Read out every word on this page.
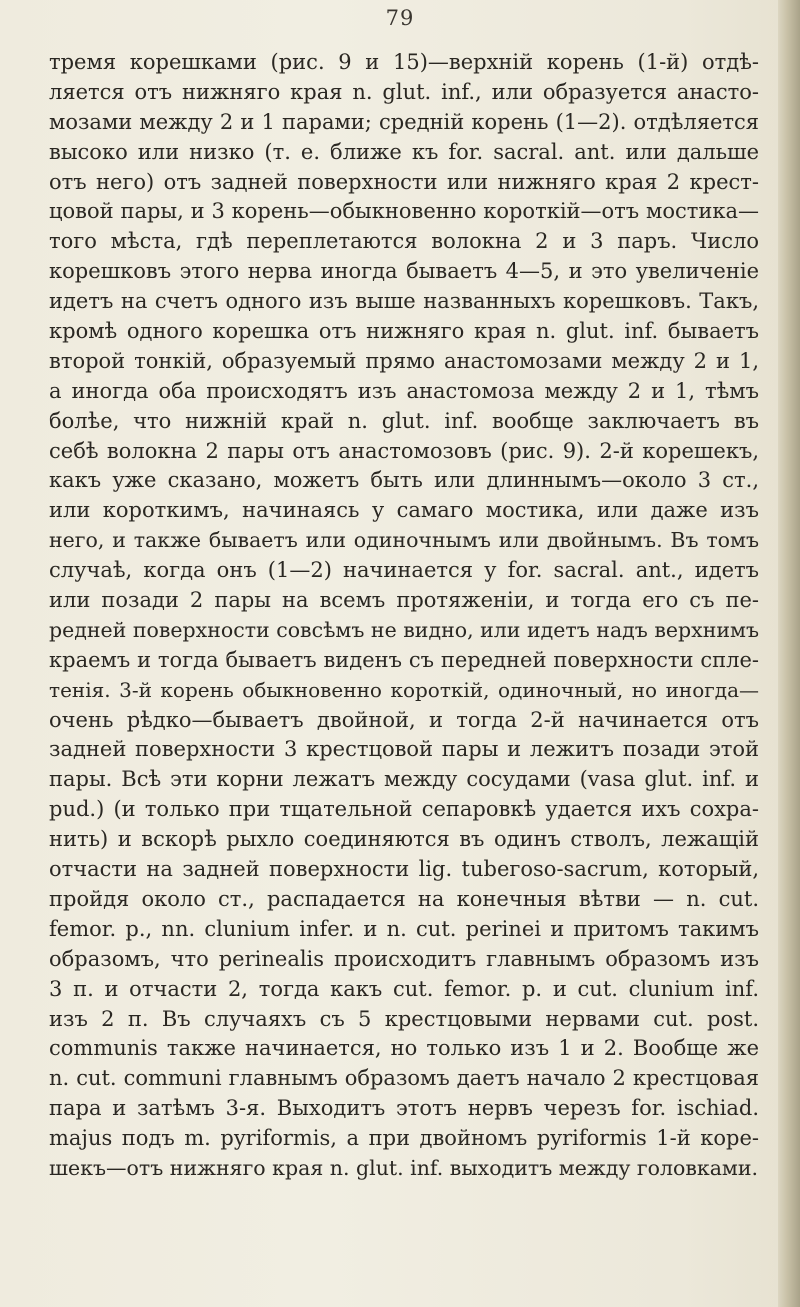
79
тремя корешками (рис. 9 и 15)—верхній корень (1-й) отдѣ-
ляется отъ нижняго края n. glut. inf., или образуется анасто-
мозами между 2 и 1 парами; средній корень (1—2). отдѣляется
высоко или низко (т. е. ближе къ for. sacral. ant. или дальше
отъ него) отъ задней поверхности или нижняго края 2 крест-
цовой пары, и 3 корень—обыкновенно короткій—отъ мостика—
того мѣста, гдѣ переплетаются волокна 2 и 3 паръ. Число
корешковъ этого нерва иногда бываетъ 4—5, и это увеличеніе
идетъ на счетъ одного изъ выше названныхъ корешковъ. Такъ,
кромѣ одного корешка отъ нижняго края n. glut. inf. бываетъ
второй тонкій, образуемый прямо анастомозами между 2 и 1,
а иногда оба происходятъ изъ анастомоза между 2 и 1, тѣмъ
болѣе, что нижній край n. glut. inf. вообще заключаетъ въ
себѣ волокна 2 пары отъ анастомозовъ (рис. 9). 2-й корешекъ,
какъ уже сказано, можетъ быть или длиннымъ—около 3 ст.,
или короткимъ, начинаясь у самаго мостика, или даже изъ
него, и также бываетъ или одиночнымъ или двойнымъ. Въ томъ
случаѣ, когда онъ (1—2) начинается у for. sacral. ant., идетъ
или позади 2 пары на всемъ протяженіи, и тогда его съ пе-
редней поверхности совсѣмъ не видно, или идетъ надъ верхнимъ
краемъ и тогда бываетъ виденъ съ передней поверхности спле-
тенія. 3-й корень обыкновенно короткій, одиночный, но иногда—
очень рѣдко—бываетъ двойной, и тогда 2-й начинается отъ
задней поверхности 3 крестцовой пары и лежитъ позади этой
пары. Всѣ эти корни лежатъ между сосудами (vasa glut. inf. и
pud.) (и только при тщательной сепаровкѣ удается ихъ сохра-
нить) и вскорѣ рыхло соединяются въ одинъ стволъ, лежащій
отчасти на задней поверхности lig. tubeгoso-sacrum, который,
пройдя около ст., распадается на конечныя вѣтви — n. cut.
femor. p., nn. clunium infer. и n. cut. perinei и притомъ такимъ
образомъ, что perinealis происходитъ главнымъ образомъ изъ
3 п. и отчасти 2, тогда какъ cut. femor. p. и cut. clunium inf.
изъ 2 п. Въ случаяхъ съ 5 крестцовыми нервами cut. post.
communis также начинается, но только изъ 1 и 2. Вообще же
n. cut. communi главнымъ образомъ даетъ начало 2 крестцовая
пара и затѣмъ 3-я. Выходитъ этотъ нервъ черезъ for. ischiad.
majus подъ m. pyriformis, а при двойномъ pyriformis 1-й коре-
шекъ—отъ нижняго края n. glut. inf. выходитъ между головками.
